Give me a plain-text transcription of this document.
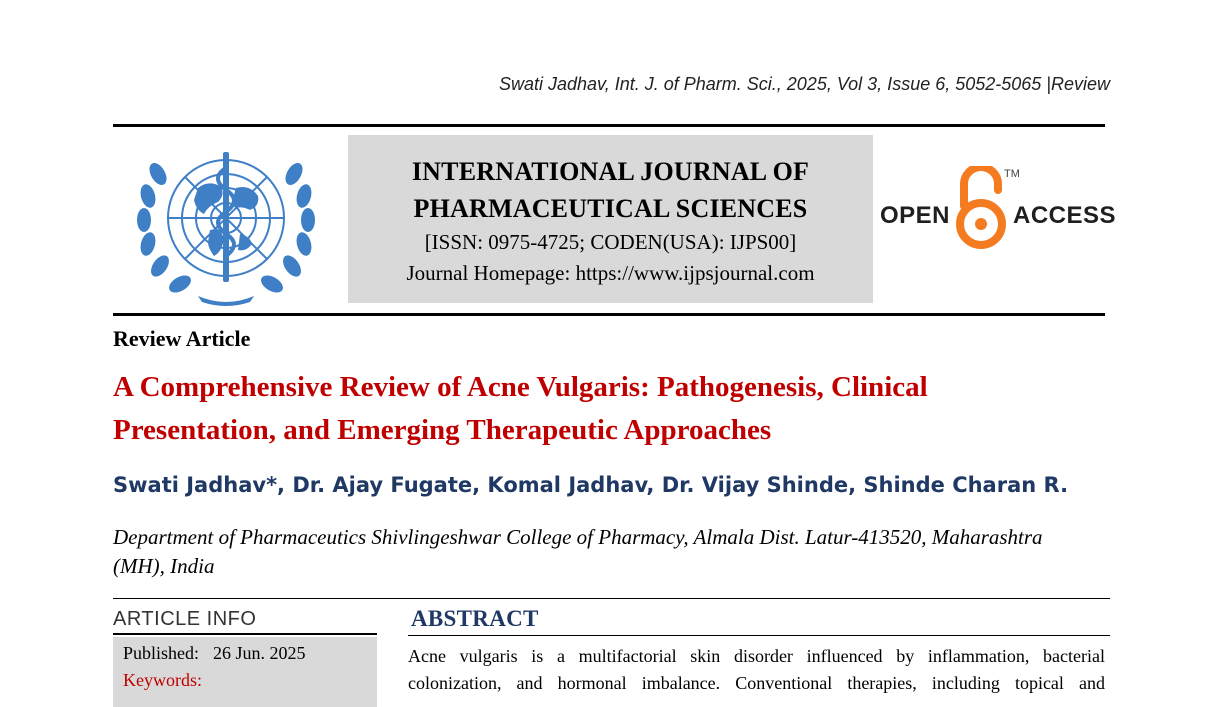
Swati Jadhav, Int. J. of Pharm. Sci., 2025, Vol 3, Issue 6, 5052-5065 |Review
INTERNATIONAL JOURNAL OF
PHARMACEUTICAL SCIENCES
[ISSN: 0975-4725; CODEN(USA): IJPS00]
Journal Homepage: https://www.ijpsjournal.com
OPEN
TM
ACCESS
Review Article
A Comprehensive Review of Acne Vulgaris: Pathogenesis, Clinical
Presentation, and Emerging Therapeutic Approaches
Swati Jadhav*, Dr. Ajay Fugate, Komal Jadhav, Dr. Vijay Shinde, Shinde Charan R.
Department of Pharmaceutics Shivlingeshwar College of Pharmacy, Almala Dist. Latur-413520, Maharashtra
(MH), India
ARTICLE INFO
Published: 26 Jun. 2025
Keywords:
ABSTRACT
Acne vulgaris is a multifactorial skin disorder influenced by inflammation, bacterial
colonization, and hormonal imbalance. Conventional therapies, including topical and
